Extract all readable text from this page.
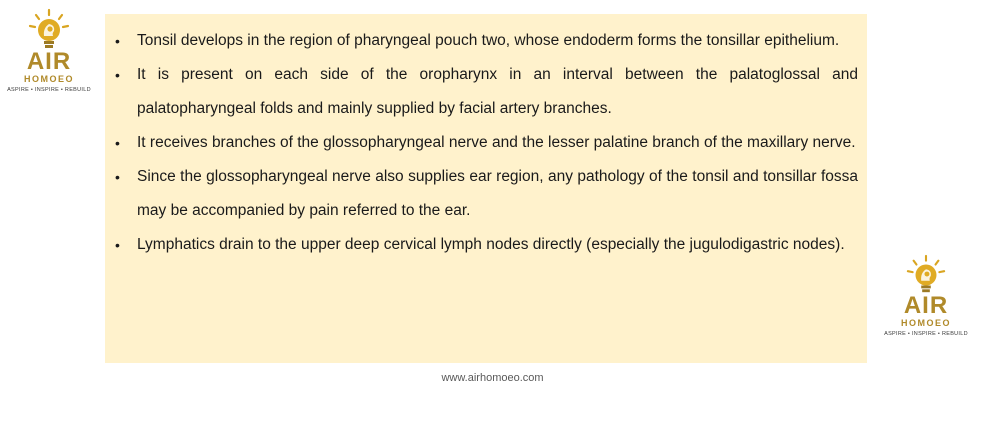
AIR
HOMOEO
ASPIRE • INSPIRE • REBUILD
• Tonsil develops in the region of pharyngeal pouch two, whose endoderm forms the tonsillar epithelium.
• It is present on each side of the oropharynx in an interval between the palatoglossal and palatopharyngeal folds and mainly supplied by facial artery branches.
• It receives branches of the glossopharyngeal nerve and the lesser palatine branch of the maxillary nerve.
• Since the glossopharyngeal nerve also supplies ear region, any pathology of the tonsil and tonsillar fossa may be accompanied by pain referred to the ear.
• Lymphatics drain to the upper deep cervical lymph nodes directly (especially the jugulodigastric nodes).
AIR
HOMOEO
ASPIRE • INSPIRE • REBUILD
www.airhomoeo.com
